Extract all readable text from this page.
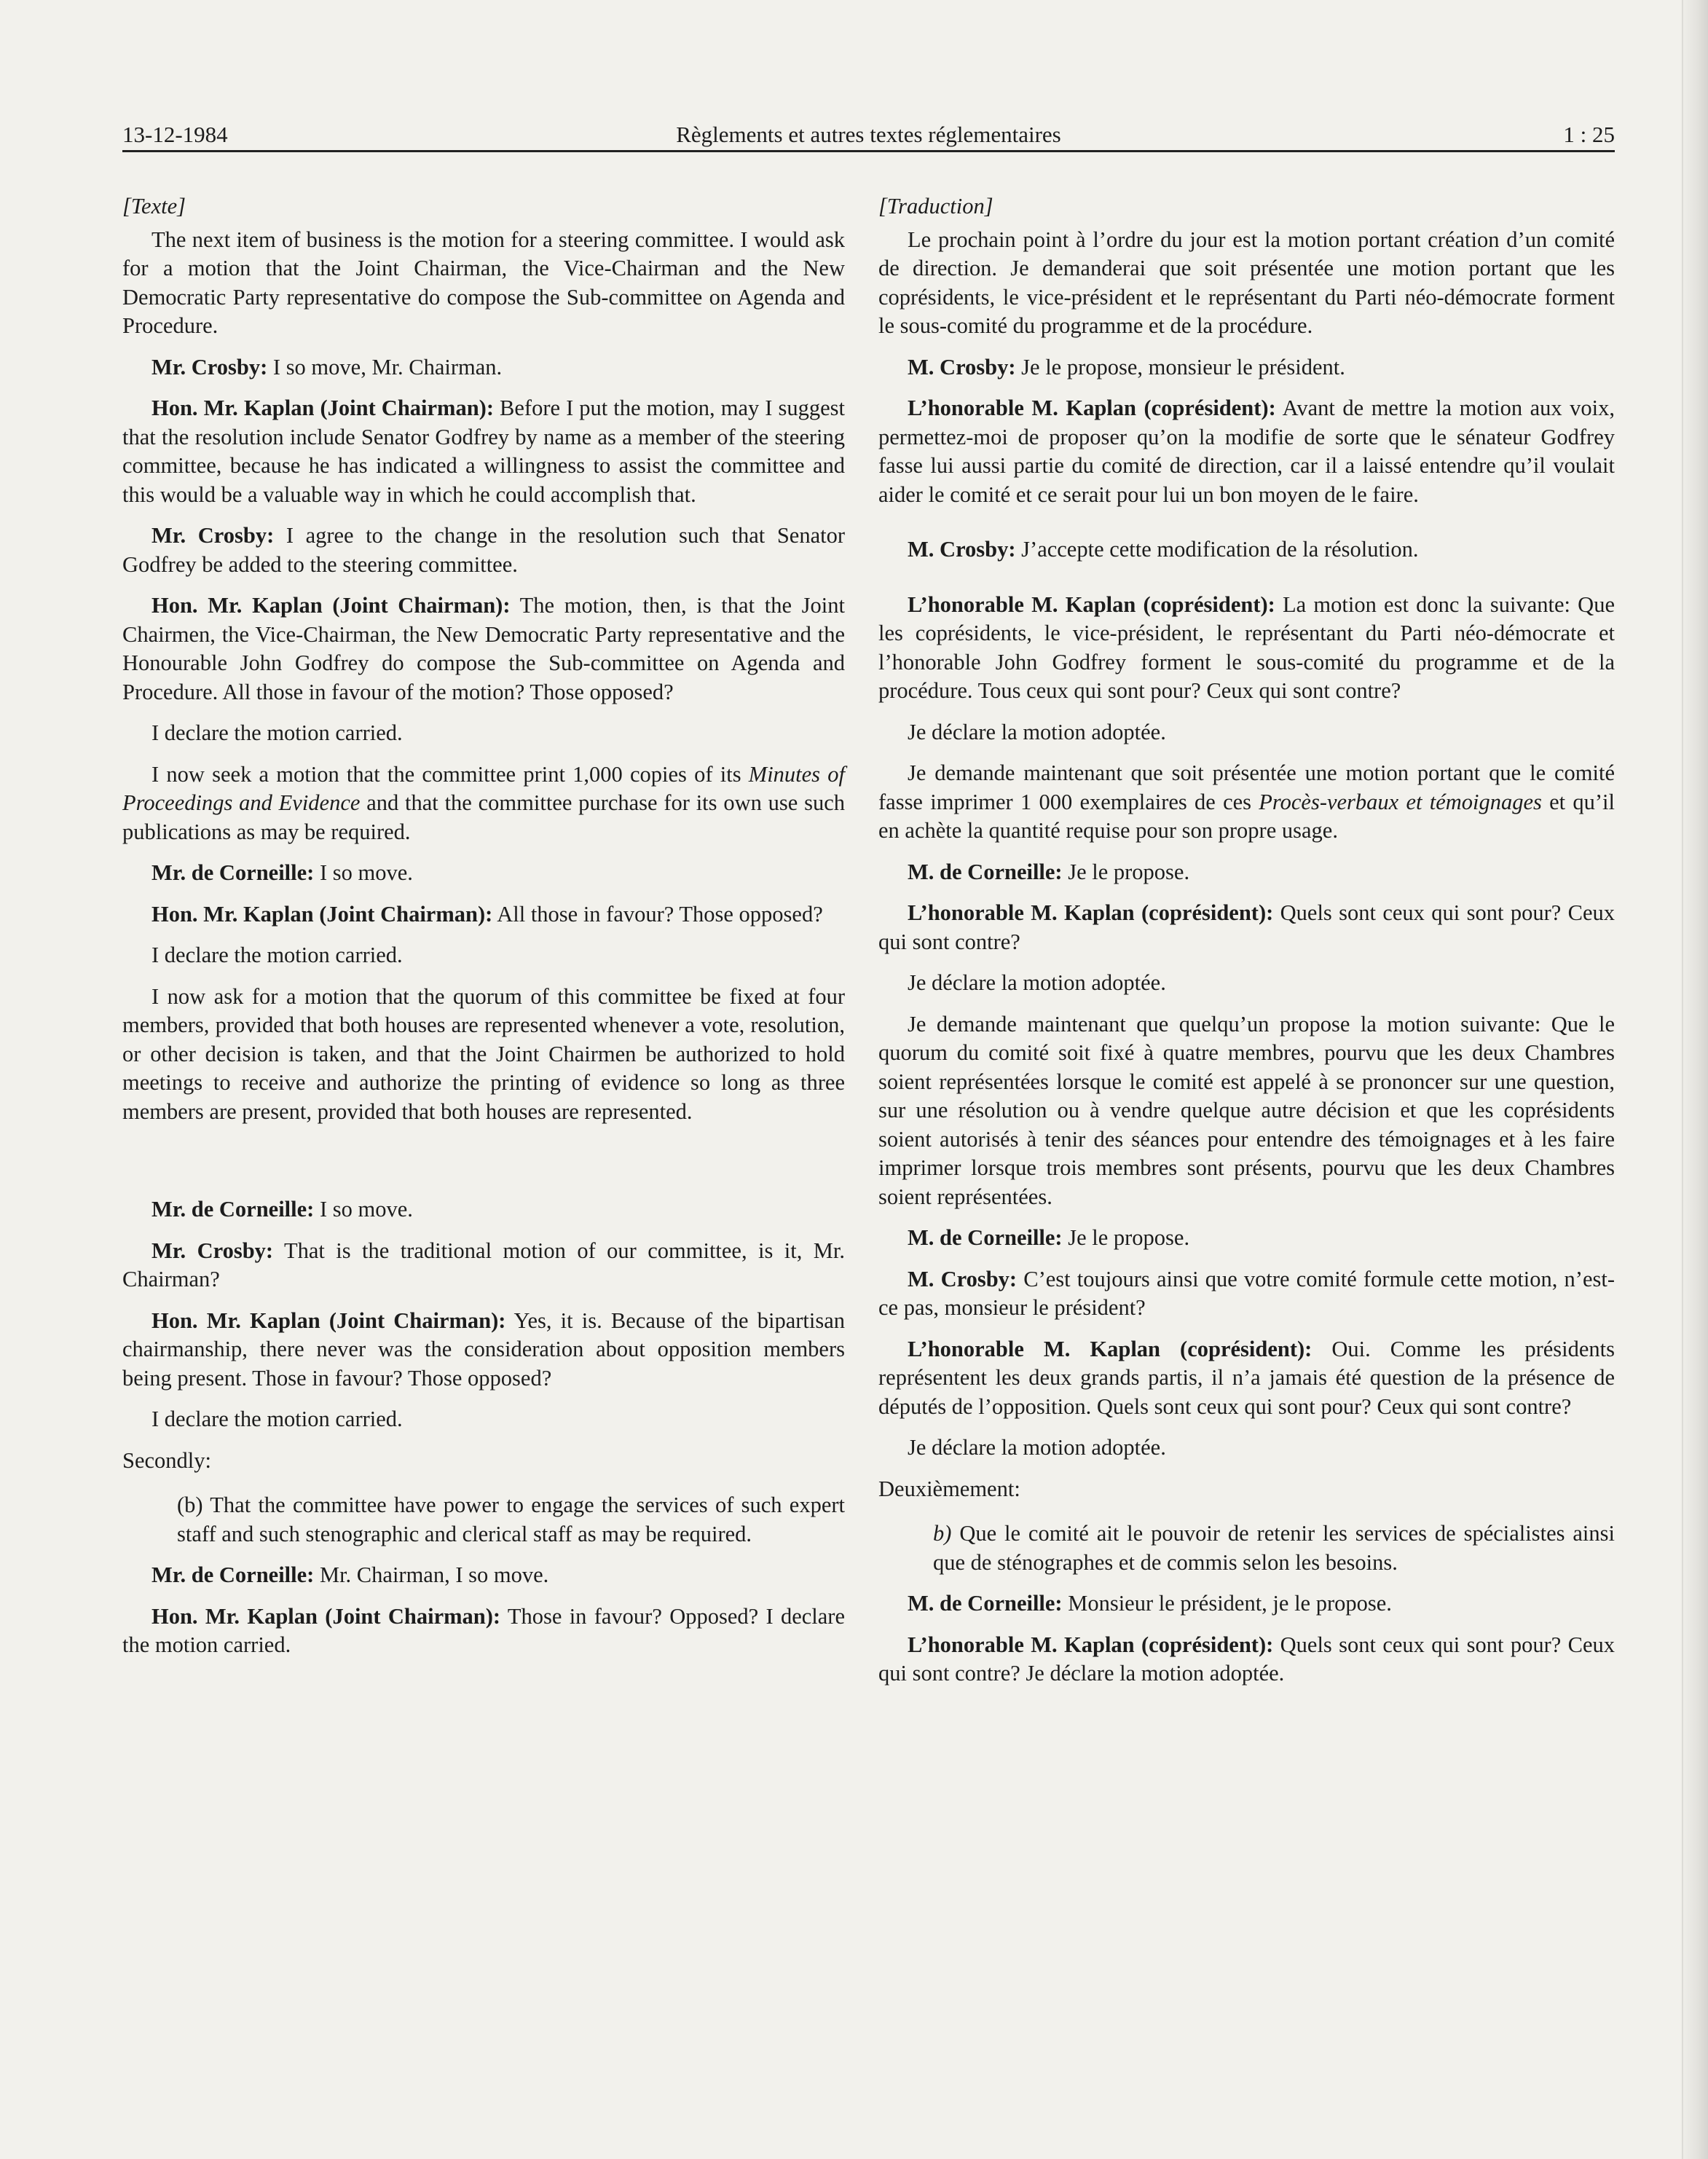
13-12-1984	Règlements et autres textes réglementaires	1 : 25

[Texte]

The next item of business is the motion for a steering committee. I would ask for a motion that the Joint Chairman, the Vice-Chairman and the New Democratic Party representative do compose the Sub-committee on Agenda and Procedure.

Mr. Crosby: I so move, Mr. Chairman.

Hon. Mr. Kaplan (Joint Chairman): Before I put the motion, may I suggest that the resolution include Senator Godfrey by name as a member of the steering committee, because he has indicated a willingness to assist the committee and this would be a valuable way in which he could accomplish that.

Mr. Crosby: I agree to the change in the resolution such that Senator Godfrey be added to the steering committee.

Hon. Mr. Kaplan (Joint Chairman): The motion, then, is that the Joint Chairmen, the Vice-Chairman, the New Democratic Party representative and the Honourable John Godfrey do compose the Sub-committee on Agenda and Procedure. All those in favour of the motion? Those opposed?

I declare the motion carried.

I now seek a motion that the committee print 1,000 copies of its Minutes of Proceedings and Evidence and that the committee purchase for its own use such publications as may be required.

Mr. de Corneille: I so move.

Hon. Mr. Kaplan (Joint Chairman): All those in favour? Those opposed?

I declare the motion carried.

I now ask for a motion that the quorum of this committee be fixed at four members, provided that both houses are represented whenever a vote, resolution, or other decision is taken, and that the Joint Chairmen be authorized to hold meetings to receive and authorize the printing of evidence so long as three members are present, provided that both houses are represented.

Mr. de Corneille: I so move.

Mr. Crosby: That is the traditional motion of our committee, is it, Mr. Chairman?

Hon. Mr. Kaplan (Joint Chairman): Yes, it is. Because of the bipartisan chairmanship, there never was the consideration about opposition members being present. Those in favour? Those opposed?

I declare the motion carried.

Secondly:

(b) That the committee have power to engage the services of such expert staff and such stenographic and clerical staff as may be required.

Mr. de Corneille: Mr. Chairman, I so move.

Hon. Mr. Kaplan (Joint Chairman): Those in favour? Opposed? I declare the motion carried.

[Traduction]

Le prochain point à l’ordre du jour est la motion portant création d’un comité de direction. Je demanderai que soit présentée une motion portant que les coprésidents, le vice-président et le représentant du Parti néo-démocrate forment le sous-comité du programme et de la procédure.

M. Crosby: Je le propose, monsieur le président.

L’honorable M. Kaplan (coprésident): Avant de mettre la motion aux voix, permettez-moi de proposer qu’on la modifie de sorte que le sénateur Godfrey fasse lui aussi partie du comité de direction, car il a laissé entendre qu’il voulait aider le comité et ce serait pour lui un bon moyen de le faire.

M. Crosby: J’accepte cette modification de la résolution.

L’honorable M. Kaplan (coprésident): La motion est donc la suivante: Que les coprésidents, le vice-président, le représentant du Parti néo-démocrate et l’honorable John Godfrey forment le sous-comité du programme et de la procédure. Tous ceux qui sont pour? Ceux qui sont contre?

Je déclare la motion adoptée.

Je demande maintenant que soit présentée une motion portant que le comité fasse imprimer 1 000 exemplaires de ces Procès-verbaux et témoignages et qu’il en achète la quantité requise pour son propre usage.

M. de Corneille: Je le propose.

L’honorable M. Kaplan (coprésident): Quels sont ceux qui sont pour? Ceux qui sont contre?

Je déclare la motion adoptée.

Je demande maintenant que quelqu’un propose la motion suivante: Que le quorum du comité soit fixé à quatre membres, pourvu que les deux Chambres soient représentées lorsque le comité est appelé à se prononcer sur une question, sur une résolution ou à vendre quelque autre décision et que les coprésidents soient autorisés à tenir des séances pour entendre des témoignages et à les faire imprimer lorsque trois membres sont présents, pourvu que les deux Chambres soient représentées.

M. de Corneille: Je le propose.

M. Crosby: C’est toujours ainsi que votre comité formule cette motion, n’est-ce pas, monsieur le président?

L’honorable M. Kaplan (coprésident): Oui. Comme les présidents représentent les deux grands partis, il n’a jamais été question de la présence de députés de l’opposition. Quels sont ceux qui sont pour? Ceux qui sont contre?

Je déclare la motion adoptée.

Deuxièmement:

b) Que le comité ait le pouvoir de retenir les services de spécialistes ainsi que de sténographes et de commis selon les besoins.

M. de Corneille: Monsieur le président, je le propose.

L’honorable M. Kaplan (coprésident): Quels sont ceux qui sont pour? Ceux qui sont contre? Je déclare la motion adoptée.
